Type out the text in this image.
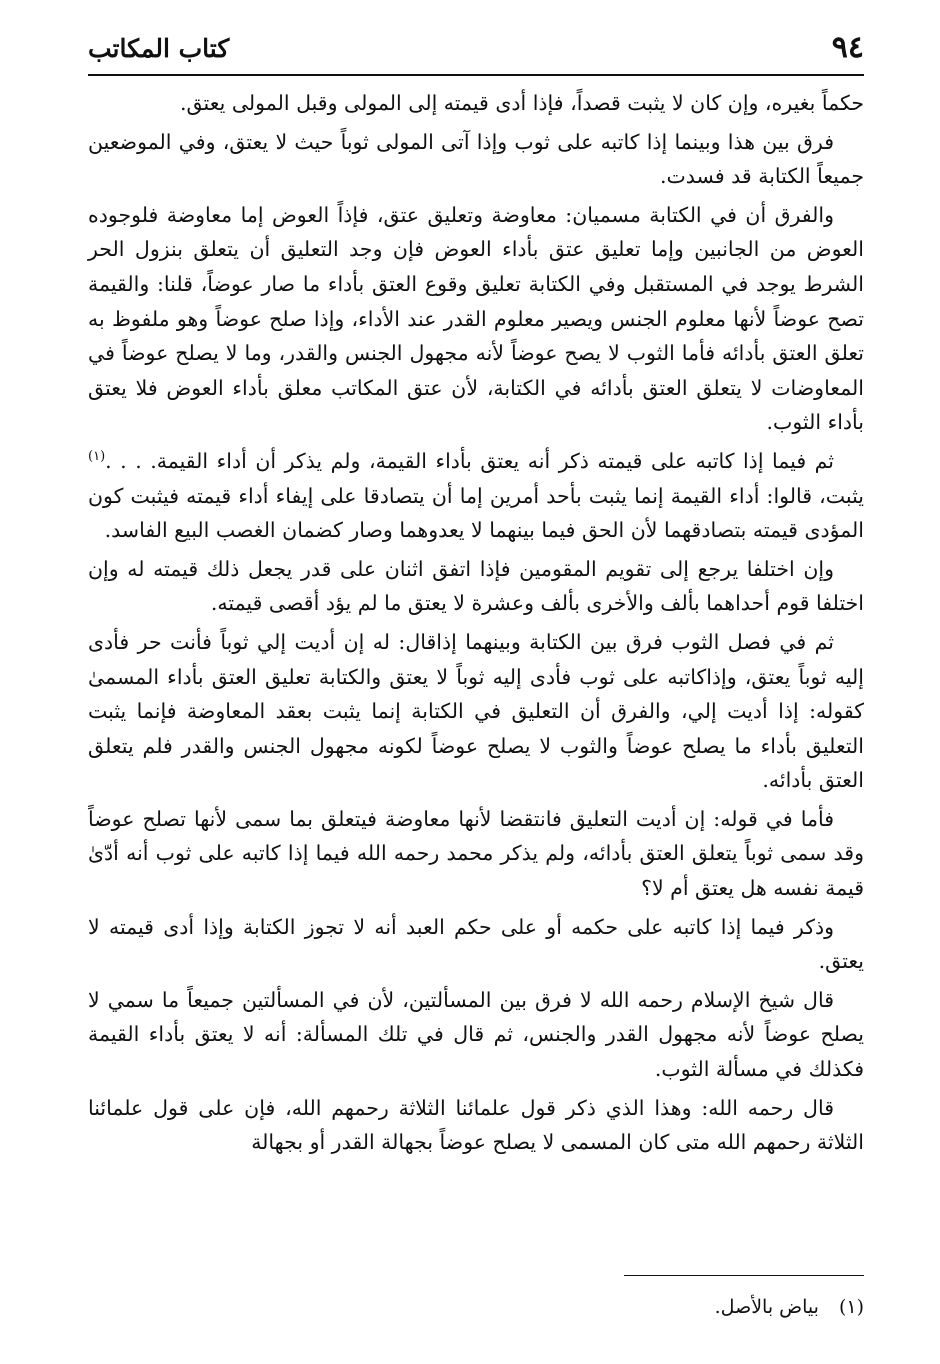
٩٤
كتاب المكاتب

حكماً بغيره، وإن كان لا يثبت قصداً، فإذا أدى قيمته إلى المولى وقبل المولى يعتق.

فرق بين هذا وبينما إذا كاتبه على ثوب وإذا آتى المولى ثوباً حيث لا يعتق، وفي الموضعين جميعاً الكتابة قد فسدت.

والفرق أن في الكتابة مسميان: معاوضة وتعليق عتق، فإذاً العوض إما معاوضة فلوجوده العوض من الجانبين وإما تعليق عتق بأداء العوض فإن وجد التعليق أن يتعلق بنزول الحر الشرط يوجد في المستقبل وفي الكتابة تعليق وقوع العتق بأداء ما صار عوضاً، قلنا: والقيمة تصح عوضاً لأنها معلوم الجنس ويصير معلوم القدر عند الأداء، وإذا صلح عوضاً وهو ملفوظ به تعلق العتق بأدائه فأما الثوب لا يصح عوضاً لأنه مجهول الجنس والقدر، وما لا يصلح عوضاً في المعاوضات لا يتعلق العتق بأدائه في الكتابة، لأن عتق المكاتب معلق بأداء العوض فلا يعتق بأداء الثوب.

ثم فيما إذا كاتبه على قيمته ذكر أنه يعتق بأداء القيمة، ولم يذكر أن أداء القيمة. . . .$^{(١)}$ يثبت، قالوا: أداء القيمة إنما يثبت بأحد أمرين إما أن يتصادقا على إيفاء أداء قيمته فيثبت كون المؤدى قيمته بتصادقهما لأن الحق فيما بينهما لا يعدوهما وصار كضمان الغصب البيع الفاسد.

وإن اختلفا يرجع إلى تقويم المقومين فإذا اتفق اثنان على قدر يجعل ذلك قيمته له وإن اختلفا قوم أحداهما بألف والأخرى بألف وعشرة لا يعتق ما لم يؤد أقصى قيمته.

ثم في فصل الثوب فرق بين الكتابة وبينهما إذاقال: له إن أديت إلي ثوباً فأنت حر فأدى إليه ثوباً يعتق، وإذاكاتبه على ثوب فأدى إليه ثوباً لا يعتق والكتابة تعليق العتق بأداء المسمىٰ كقوله: إذا أديت إلي، والفرق أن التعليق في الكتابة إنما يثبت بعقد المعاوضة فإنما يثبت التعليق بأداء ما يصلح عوضاً والثوب لا يصلح عوضاً لكونه مجهول الجنس والقدر فلم يتعلق العتق بأدائه.

فأما في قوله: إن أديت التعليق فانتقضا لأنها معاوضة فيتعلق بما سمى لأنها تصلح عوضاً وقد سمى ثوباً يتعلق العتق بأدائه، ولم يذكر محمد رحمه الله فيما إذا كاتبه على ثوب أنه أدّىٰ قيمة نفسه هل يعتق أم لا؟

وذكر فيما إذا كاتبه على حكمه أو على حكم العبد أنه لا تجوز الكتابة وإذا أدى قيمته لا يعتق.

قال شيخ الإسلام رحمه الله لا فرق بين المسألتين، لأن في المسألتين جميعاً ما سمي لا يصلح عوضاً لأنه مجهول القدر والجنس، ثم قال في تلك المسألة: أنه لا يعتق بأداء القيمة فكذلك في مسألة الثوب.

قال رحمه الله: وهذا الذي ذكر قول علمائنا الثلاثة رحمهم الله، فإن على قول علمائنا الثلاثة رحمهم الله متى كان المسمى لا يصلح عوضاً بجهالة القدر أو بجهالة

(١)بياض بالأصل.
